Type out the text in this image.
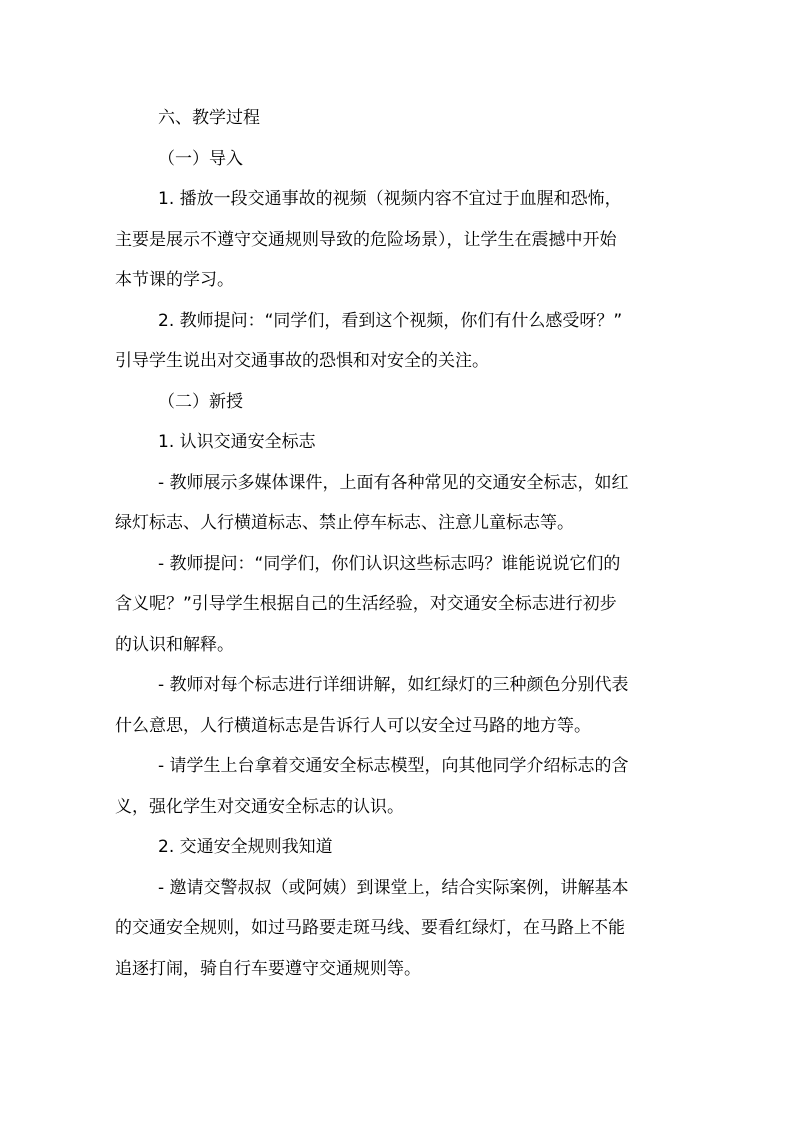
六、教学过程
（一）导入
1. 播放一段交通事故的视频（视频内容不宜过于血腥和恐怖，
主要是展示不遵守交通规则导致的危险场景），让学生在震撼中开始
本节课的学习。
2. 教师提问：“同学们，看到这个视频，你们有什么感受呀？”
引导学生说出对交通事故的恐惧和对安全的关注。
（二）新授
1. 认识交通安全标志
- 教师展示多媒体课件，上面有各种常见的交通安全标志，如红
绿灯标志、人行横道标志、禁止停车标志、注意儿童标志等。
- 教师提问：“同学们，你们认识这些标志吗？谁能说说它们的
含义呢？”引导学生根据自己的生活经验，对交通安全标志进行初步
的认识和解释。
- 教师对每个标志进行详细讲解，如红绿灯的三种颜色分别代表
什么意思，人行横道标志是告诉行人可以安全过马路的地方等。
- 请学生上台拿着交通安全标志模型，向其他同学介绍标志的含
义，强化学生对交通安全标志的认识。
2. 交通安全规则我知道
- 邀请交警叔叔（或阿姨）到课堂上，结合实际案例，讲解基本
的交通安全规则，如过马路要走斑马线、要看红绿灯，在马路上不能
追逐打闹，骑自行车要遵守交通规则等。
